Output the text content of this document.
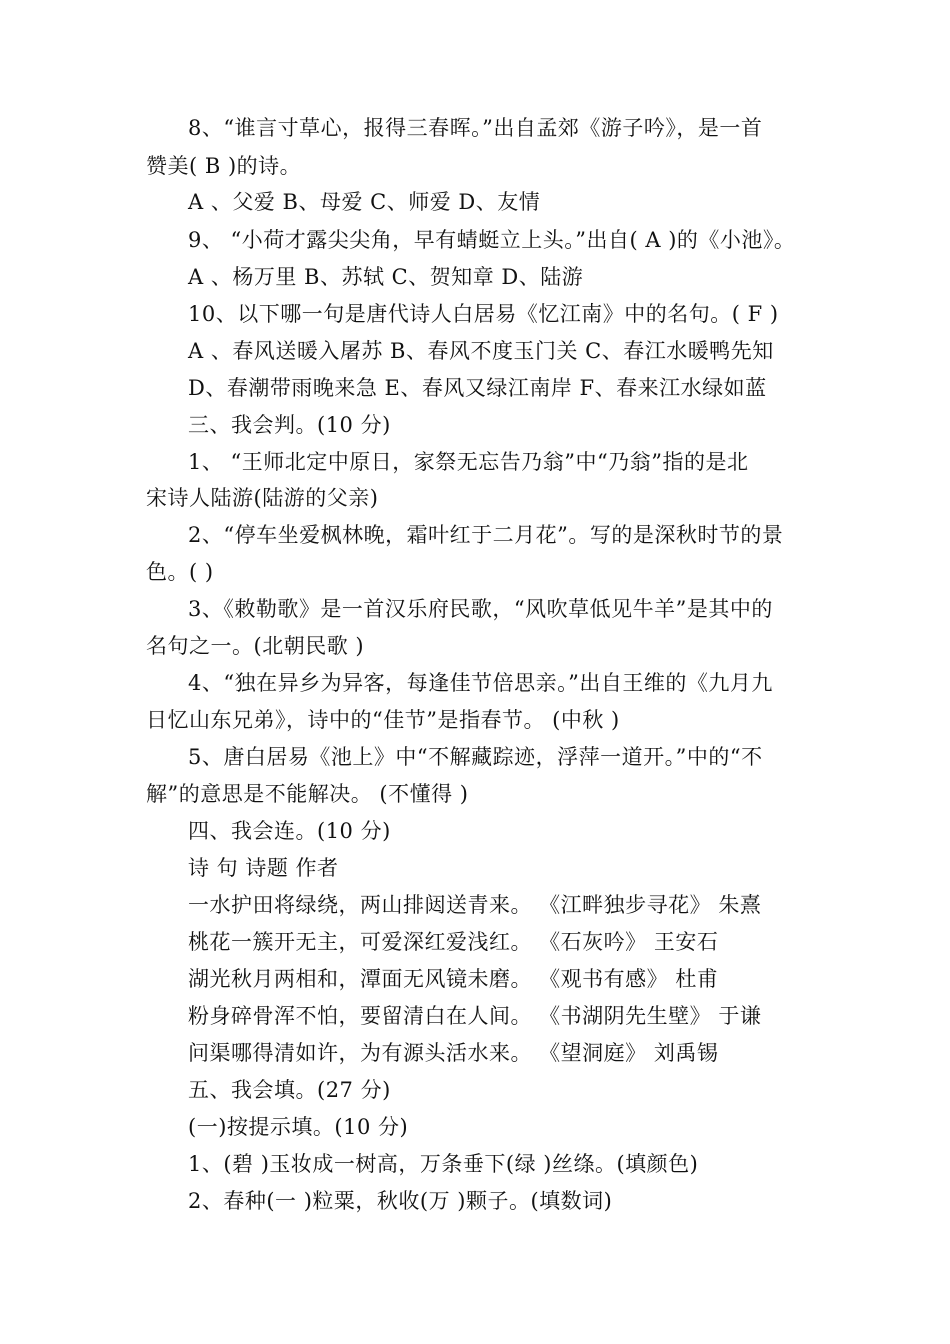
8、“谁言寸草心，报得三春晖。”出自孟郊《游子吟》，是一首
赞美( B )的诗。
A 、父爱 B、母爱 C、师爱 D、友情
9、 “小荷才露尖尖角，早有蜻蜓立上头。”出自( A )的《小池》。
A 、杨万里 B、苏轼 C、贺知章 D、陆游
10、以下哪一句是唐代诗人白居易《忆江南》中的名句。( F )
A 、春风送暖入屠苏 B、春风不度玉门关 C、春江水暖鸭先知
D、春潮带雨晚来急 E、春风又绿江南岸 F、春来江水绿如蓝
三、我会判。(10 分)
1、 “王师北定中原日，家祭无忘告乃翁”中“乃翁”指的是北
宋诗人陆游(陆游的父亲)
2、“停车坐爱枫林晚，霜叶红于二月花”。写的是深秋时节的景
色。( )
3、《敕勒歌》是一首汉乐府民歌，“风吹草低见牛羊”是其中的
名句之一。(北朝民歌 )
4、“独在异乡为异客，每逢佳节倍思亲。”出自王维的《九月九
日忆山东兄弟》，诗中的“佳节”是指春节。 (中秋 )
5、唐白居易《池上》中“不解藏踪迹，浮萍一道开。”中的“不
解”的意思是不能解决。 (不懂得 )
四、我会连。(10 分)
诗 句 诗题 作者
一水护田将绿绕，两山排闼送青来。 《江畔独步寻花》 朱熹
桃花一簇开无主，可爱深红爱浅红。 《石灰吟》 王安石
湖光秋月两相和，潭面无风镜未磨。 《观书有感》 杜甫
粉身碎骨浑不怕，要留清白在人间。 《书湖阴先生壁》 于谦
问渠哪得清如许，为有源头活水来。 《望洞庭》 刘禹锡
五、我会填。(27 分)
(一)按提示填。(10 分)
1、(碧 )玉妆成一树高，万条垂下(绿 )丝绦。(填颜色)
2、春种(一 )粒粟，秋收(万 )颗子。(填数词)
